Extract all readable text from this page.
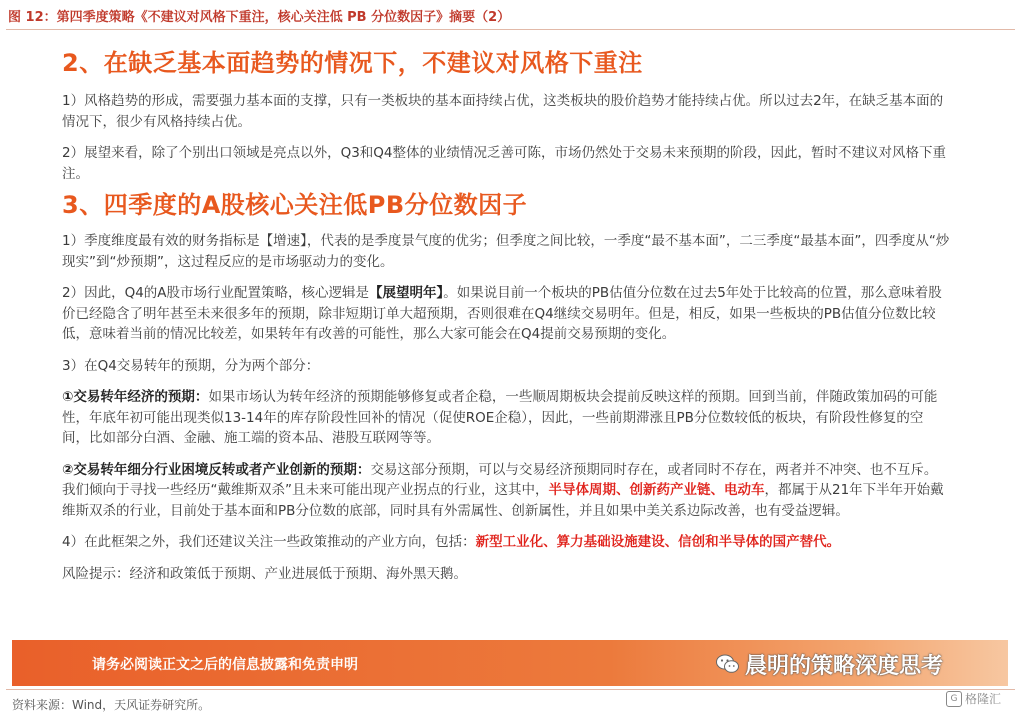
图 12：第四季度策略《不建议对风格下重注，核心关注低 PB 分位数因子》摘要（2）

2、在缺乏基本面趋势的情况下，不建议对风格下重注

1）风格趋势的形成，需要强力基本面的支撑，只有一类板块的基本面持续占优，这类板块的股价趋势才能持续占优。所以过去2年，在缺乏基本面的情况下，很少有风格持续占优。

2）展望来看，除了个别出口领域是亮点以外，Q3和Q4整体的业绩情况乏善可陈，市场仍然处于交易未来预期的阶段，因此，暂时不建议对风格下重注。

3、四季度的A股核心关注低PB分位数因子

1）季度维度最有效的财务指标是【增速】，代表的是季度景气度的优劣；但季度之间比较，一季度“最不基本面”，二三季度“最基本面”，四季度从“炒现实”到“炒预期”，这过程反应的是市场驱动力的变化。

2）因此，Q4的A股市场行业配置策略，核心逻辑是【展望明年】。如果说目前一个板块的PB估值分位数在过去5年处于比较高的位置，那么意味着股价已经隐含了明年甚至未来很多年的预期，除非短期订单大超预期，否则很难在Q4继续交易明年。但是，相反，如果一些板块的PB估值分位数比较低，意味着当前的情况比较差，如果转年有改善的可能性，那么大家可能会在Q4提前交易预期的变化。

3）在Q4交易转年的预期，分为两个部分：

①交易转年经济的预期：如果市场认为转年经济的预期能够修复或者企稳，一些顺周期板块会提前反映这样的预期。回到当前，伴随政策加码的可能性，年底年初可能出现类似13-14年的库存阶段性回补的情况（促使ROE企稳），因此，一些前期滞涨且PB分位数较低的板块，有阶段性修复的空间，比如部分白酒、金融、施工端的资本品、港股互联网等等。

②交易转年细分行业困境反转或者产业创新的预期：交易这部分预期，可以与交易经济预期同时存在，或者同时不存在，两者并不冲突、也不互斥。我们倾向于寻找一些经历“戴维斯双杀”且未来可能出现产业拐点的行业，这其中，半导体周期、创新药产业链、电动车，都属于从21年下半年开始戴维斯双杀的行业，目前处于基本面和PB分位数的底部，同时具有外需属性、创新属性，并且如果中美关系边际改善，也有受益逻辑。

4）在此框架之外，我们还建议关注一些政策推动的产业方向，包括：新型工业化、算力基础设施建设、信创和半导体的国产替代。

风险提示：经济和政策低于预期、产业进展低于预期、海外黑天鹅。

请务必阅读正文之后的信息披露和免责申明	晨明的策略深度思考
资料来源：Wind，天风证券研究所。	G 格隆汇
